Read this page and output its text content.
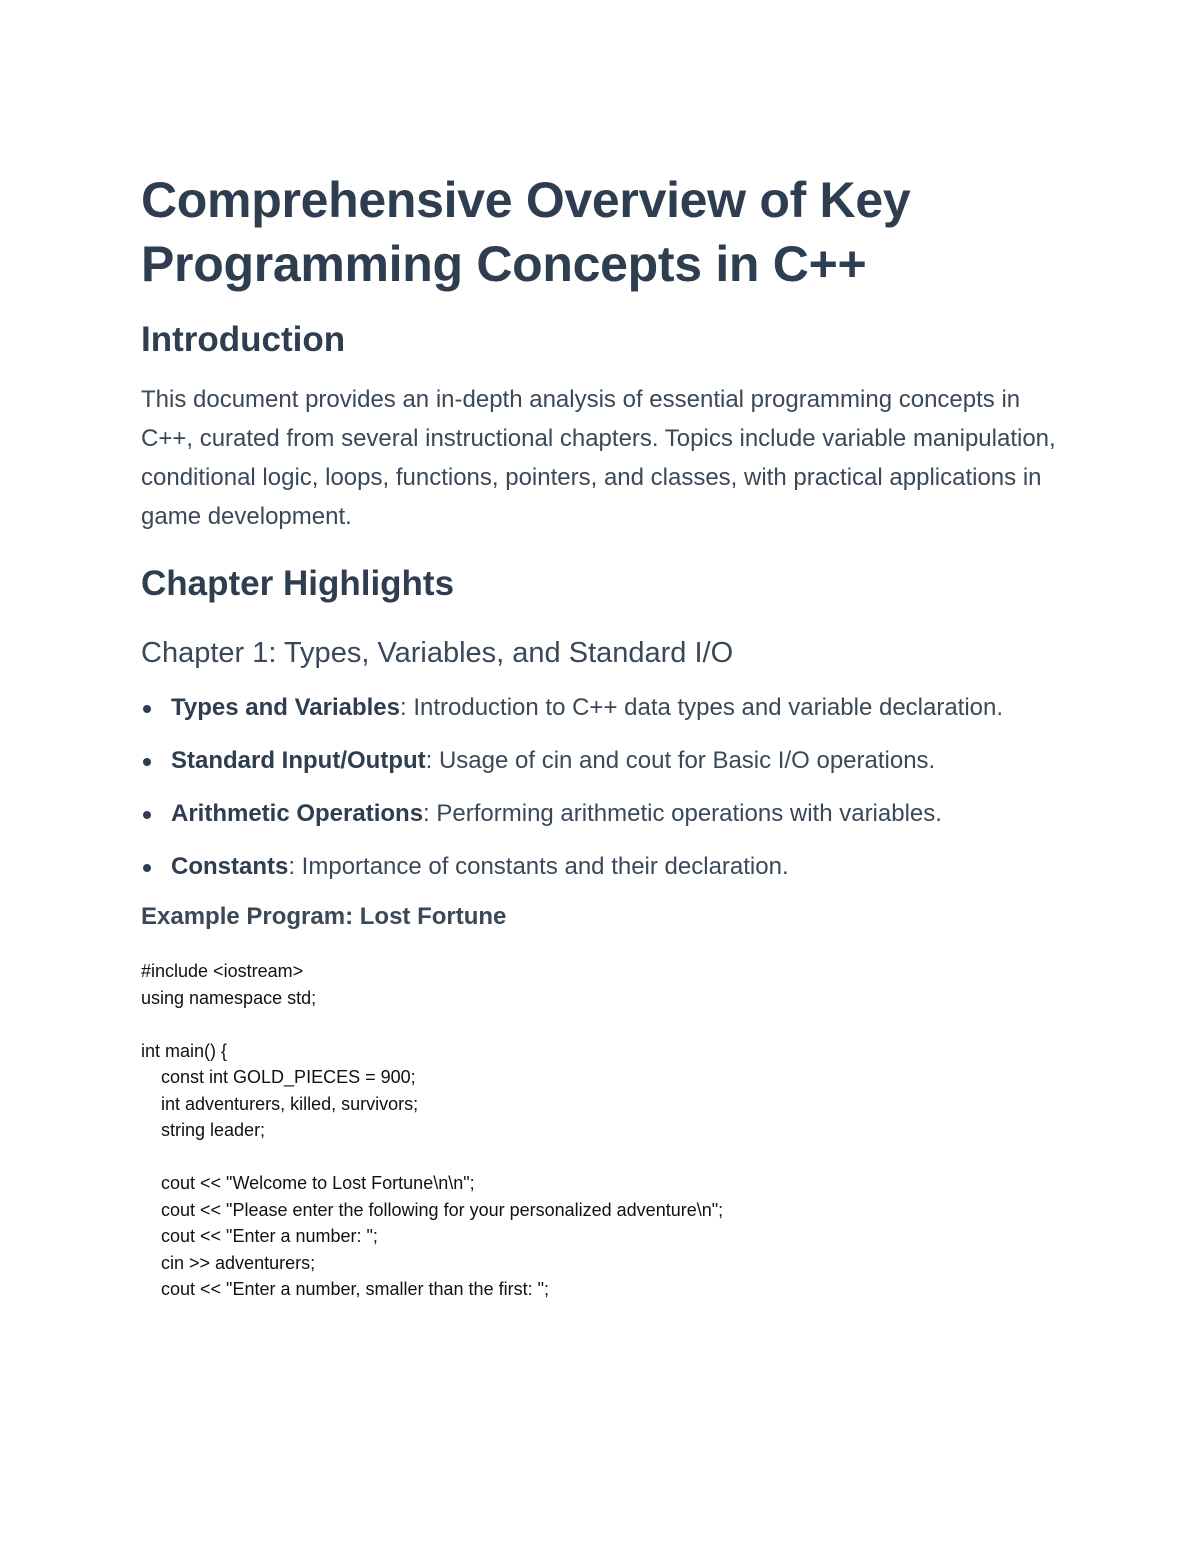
Comprehensive Overview of Key Programming Concepts in C++
Introduction

This document provides an in-depth analysis of essential programming concepts in C++, curated from several instructional chapters. Topics include variable manipulation, conditional logic, loops, functions, pointers, and classes, with practical applications in game development.

Chapter Highlights
Chapter 1: Types, Variables, and Standard I/O
Types and Variables: Introduction to C++ data types and variable declaration.
Standard Input/Output: Usage of cin and cout for Basic I/O operations.
Arithmetic Operations: Performing arithmetic operations with variables.
Constants: Importance of constants and their declaration.
Example Program: Lost Fortune
#include <iostream>
using namespace std;

int main() {
const int GOLD_PIECES = 900;
int adventurers, killed, survivors;
string leader;

cout << "Welcome to Lost Fortune\n\n";
cout << "Please enter the following for your personalized adventure\n";
cout << "Enter a number: ";
cin >> adventurers;
cout << "Enter a number, smaller than the first: ";
